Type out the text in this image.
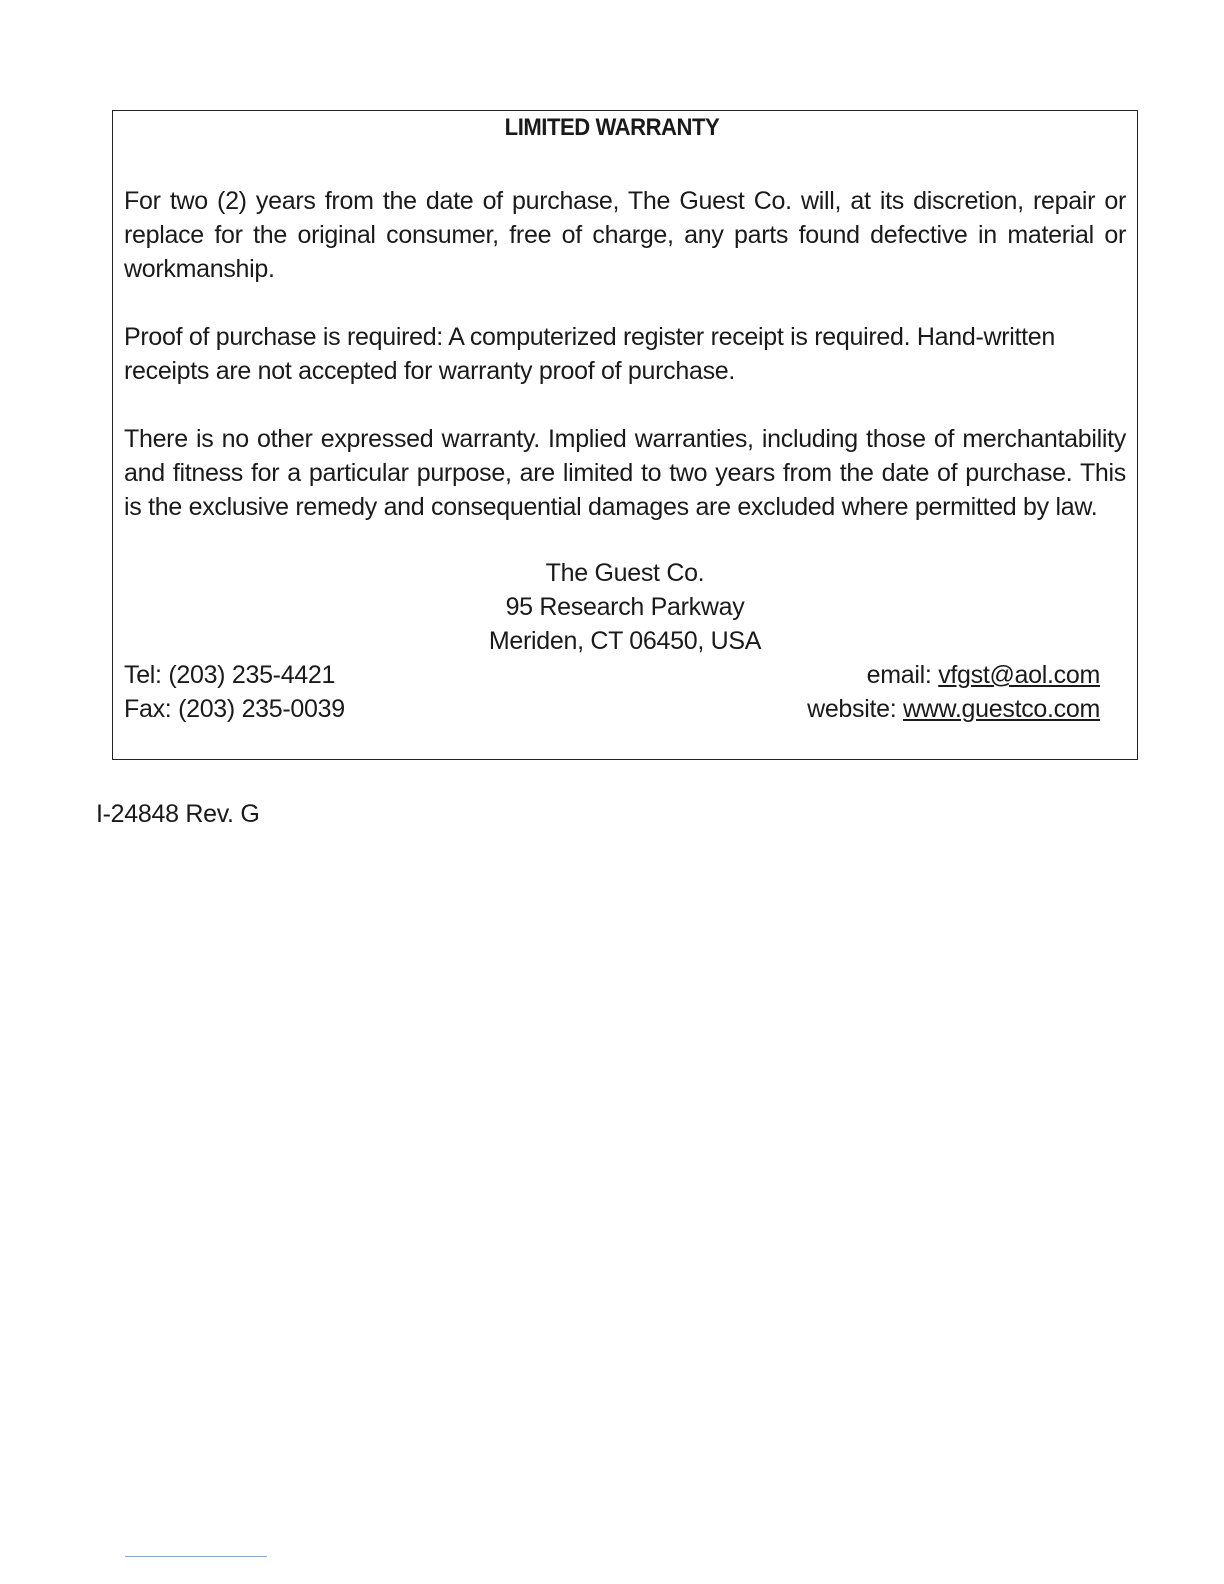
LIMITED WARRANTY

For two (2) years from the date of purchase, The Guest Co. will, at its discretion, repair or replace for the original consumer, free of charge, any parts found defective in material or workmanship.

Proof of purchase is required: A computerized register receipt is required. Hand-written
receipts are not accepted for warranty proof of purchase.

There is no other expressed warranty. Implied warranties, including those of merchantability and fitness for a particular purpose, are limited to two years from the date of purchase. This is the exclusive remedy and consequential damages are excluded where permitted by law.

The Guest Co.
95 Research Parkway
Meriden, CT 06450, USA
Tel: (203) 235-4421
Fax: (203) 235-0039
email: vfgst@aol.com
website: www.guestco.com
I-24848 Rev. G
